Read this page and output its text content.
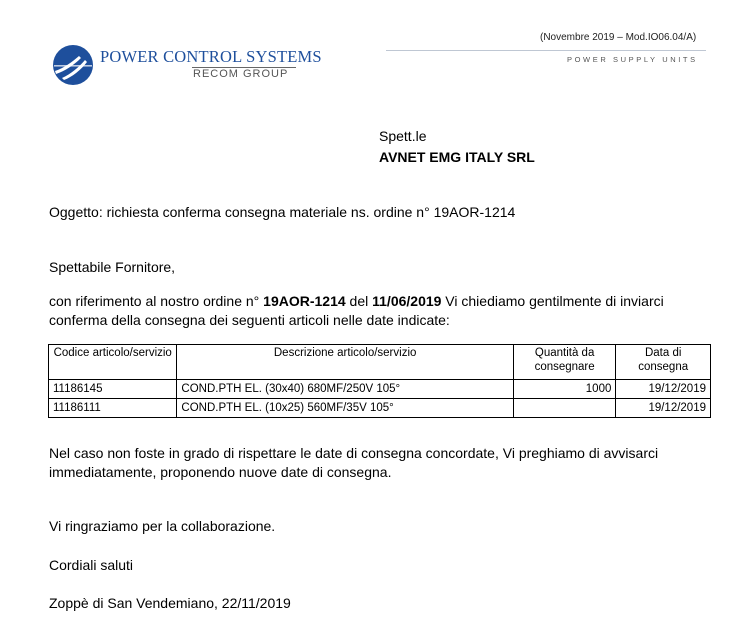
(Novembre 2019 – Mod.IO06.04/A)
POWER SUPPLY UNITS
POWER CONTROL SYSTEMS
RECOM GROUP
Spett.le
AVNET EMG ITALY SRL
Oggetto: richiesta conferma consegna materiale ns. ordine n° 19AOR-1214
Spettabile Fornitore,
con riferimento al nostro ordine n° 19AOR-1214 del 11/06/2019 Vi chiediamo gentilmente di inviarci conferma della consegna dei seguenti articoli nelle date indicate:
Codice articolo/servizio	Descrizione articolo/servizio	Quantità da consegnare	Data di consegna
11186145	COND.PTH EL. (30x40) 680MF/250V 105°	1000	19/12/2019
11186111	COND.PTH EL. (10x25) 560MF/35V 105°		19/12/2019
Nel caso non foste in grado di rispettare le date di consegna concordate, Vi preghiamo di avvisarci immediatamente, proponendo nuove date di consegna.
Vi ringraziamo per la collaborazione.
Cordiali saluti
Zoppè di San Vendemiano, 22/11/2019
